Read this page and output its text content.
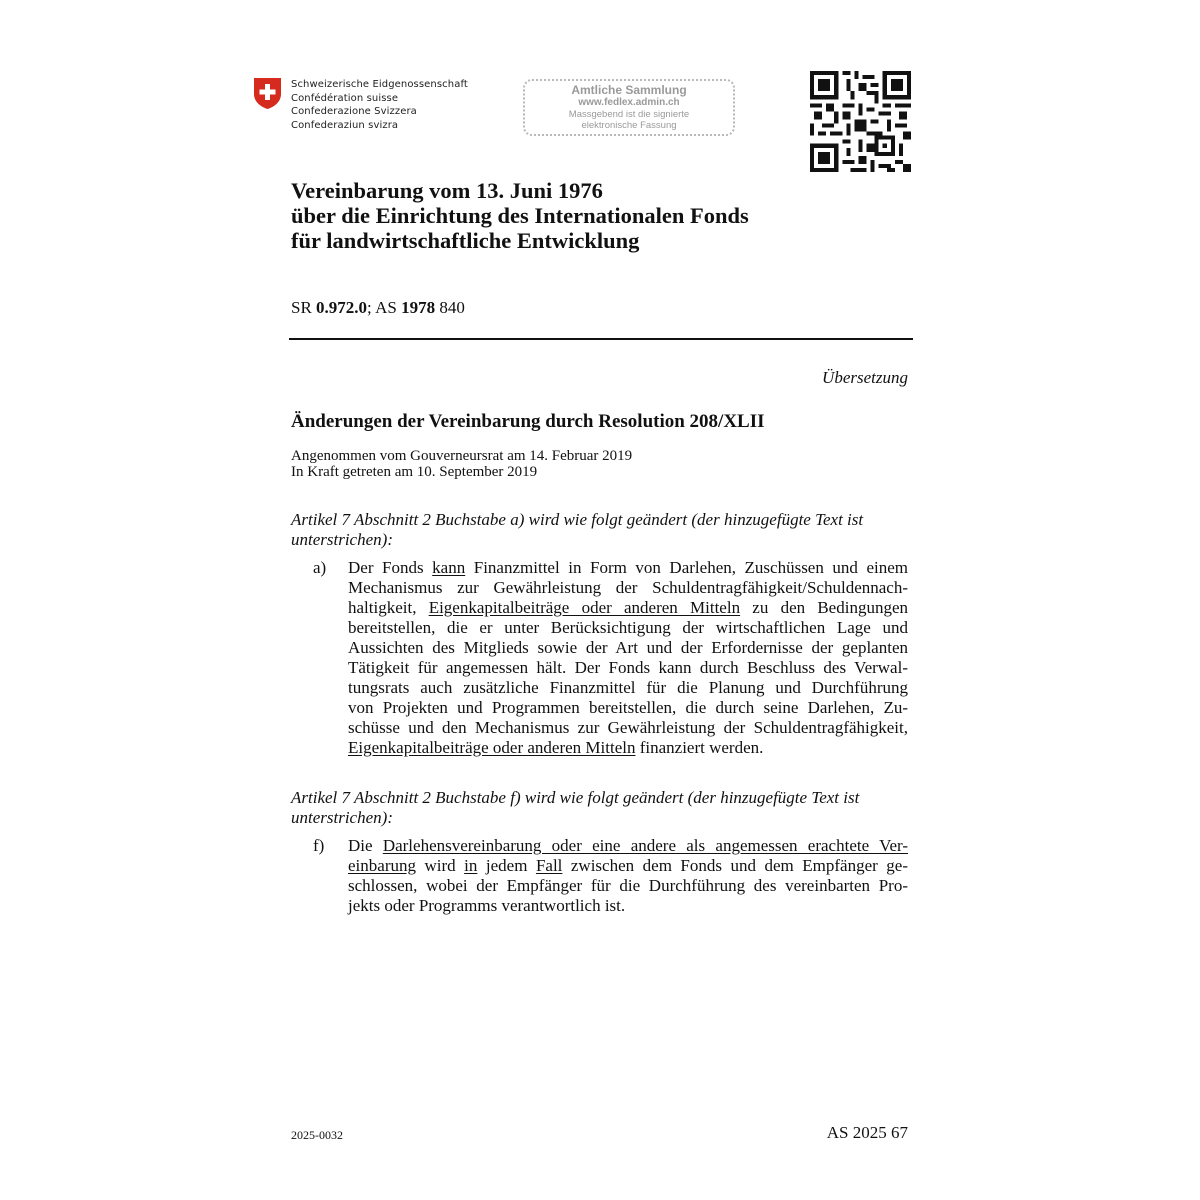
Schweizerische Eidgenossenschaft
Confédération suisse
Confederazione Svizzera
Confederaziun svizra
Amtliche Sammlung
www.fedlex.admin.ch
Massgebend ist die signierte
elektronische Fassung
Vereinbarung vom 13. Juni 1976
über die Einrichtung des Internationalen Fonds
für landwirtschaftliche Entwicklung
SR 0.972.0; AS 1978 840
Übersetzung
Änderungen der Vereinbarung durch Resolution 208/XLII
Angenommen vom Gouverneursrat am 14. Februar 2019
In Kraft getreten am 10. September 2019
Artikel 7 Abschnitt 2 Buchstabe a) wird wie folgt geändert (der hinzugefügte Text ist
unterstrichen):
a) Der Fonds kann Finanzmittel in Form von Darlehen, Zuschüssen und einem
Mechanismus zur Gewährleistung der Schuldentragfähigkeit/Schuldennach-
haltigkeit, Eigenkapitalbeiträge oder anderen Mitteln zu den Bedingungen
bereitstellen, die er unter Berücksichtigung der wirtschaftlichen Lage und
Aussichten des Mitglieds sowie der Art und der Erfordernisse der geplanten
Tätigkeit für angemessen hält. Der Fonds kann durch Beschluss des Verwal-
tungsrats auch zusätzliche Finanzmittel für die Planung und Durchführung
von Projekten und Programmen bereitstellen, die durch seine Darlehen, Zu-
schüsse und den Mechanismus zur Gewährleistung der Schuldentragfähigkeit,
Eigenkapitalbeiträge oder anderen Mitteln finanziert werden.
Artikel 7 Abschnitt 2 Buchstabe f) wird wie folgt geändert (der hinzugefügte Text ist
unterstrichen):
f) Die Darlehensvereinbarung oder eine andere als angemessen erachtete Ver-
einbarung wird in jedem Fall zwischen dem Fonds und dem Empfänger ge-
schlossen, wobei der Empfänger für die Durchführung des vereinbarten Pro-
jekts oder Programms verantwortlich ist.
2025-0032	AS 2025 67
